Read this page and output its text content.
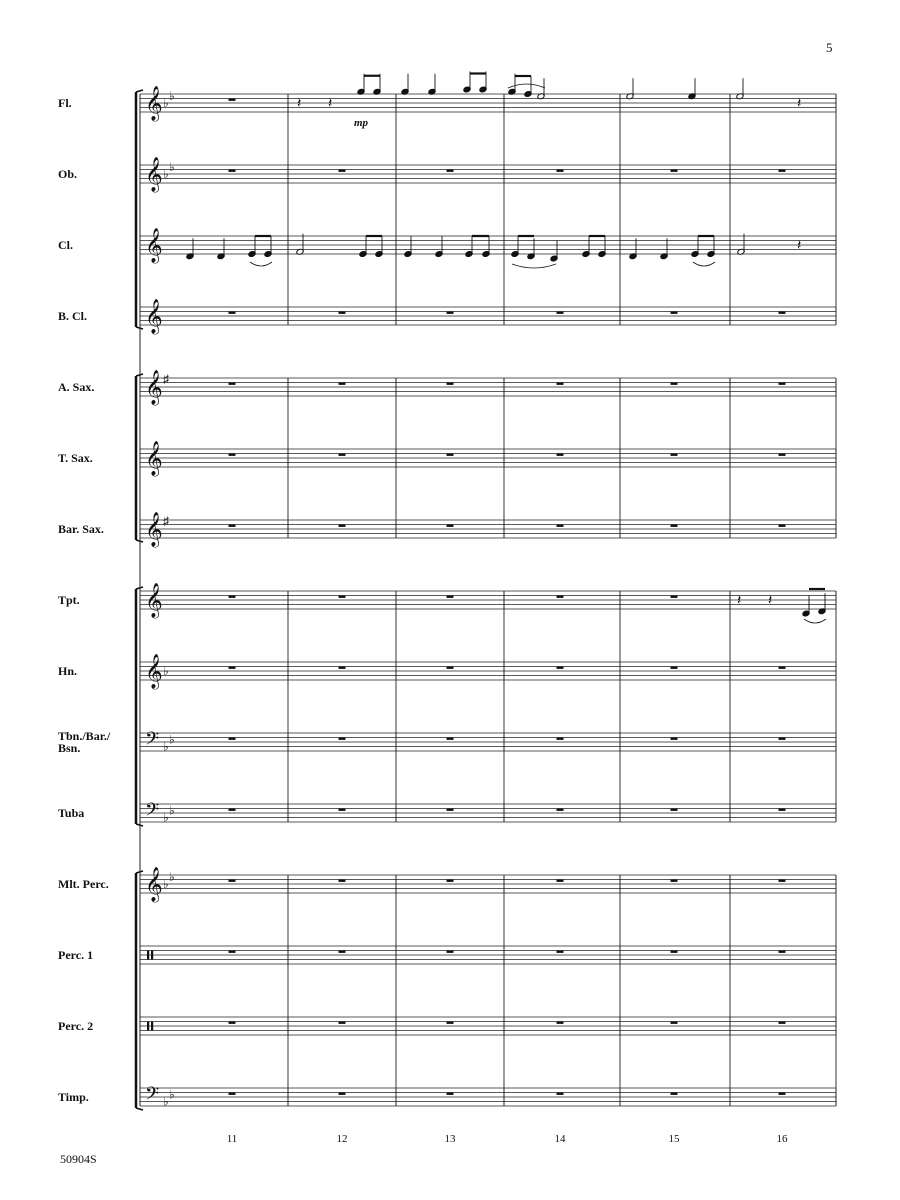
5
Fl.
Ob.
Cl.
B. Cl.
A. Sax.
T. Sax.
Bar. Sax.
Tpt.
Hn.
Tbn./Bar./
Bsn.
Tuba
Mlt. Perc.
Perc. 1
Perc. 2
Timp.
𝄞 ♭ ♭
𝄞 ♭ ♭
𝄞
𝄞
𝄞 ♯
𝄞
𝄞 ♯
𝄞
𝄞 ♭
𝄢 ♭ ♭
𝄢 ♭ ♭
𝄞 ♭ ♭
𝄢 ♭ ♭
𝄽 𝄽
mp
𝄽
𝄽
𝄽 𝄽
11	12	13	14	15	16
50904S
